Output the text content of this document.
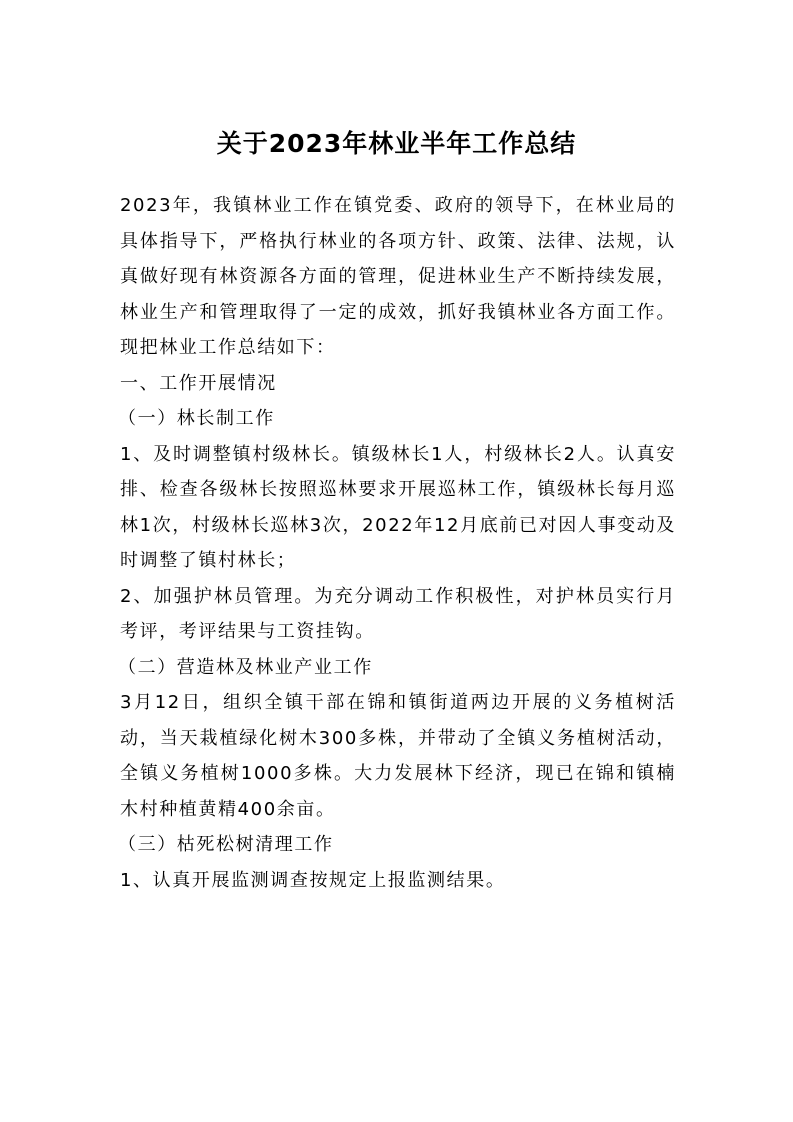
关于2023年林业半年工作总结

2023年，我镇林业工作在镇党委、政府的领导下，在林业局的具体指导下，严格执行林业的各项方针、政策、法律、法规，认真做好现有林资源各方面的管理，促进林业生产不断持续发展，林业生产和管理取得了一定的成效，抓好我镇林业各方面工作。现把林业工作总结如下：

一、工作开展情况

（一）林长制工作

1、及时调整镇村级林长。镇级林长1人，村级林长2人。认真安排、检查各级林长按照巡林要求开展巡林工作，镇级林长每月巡林1次，村级林长巡林3次，2022年12月底前已对因人事变动及时调整了镇村林长；

2、加强护林员管理。为充分调动工作积极性，对护林员实行月考评，考评结果与工资挂钩。

（二）营造林及林业产业工作

3月12日，组织全镇干部在锦和镇街道两边开展的义务植树活动，当天栽植绿化树木300多株，并带动了全镇义务植树活动，全镇义务植树1000多株。大力发展林下经济，现已在锦和镇楠木村种植黄精400余亩。

（三）枯死松树清理工作

1、认真开展监测调查按规定上报监测结果。
